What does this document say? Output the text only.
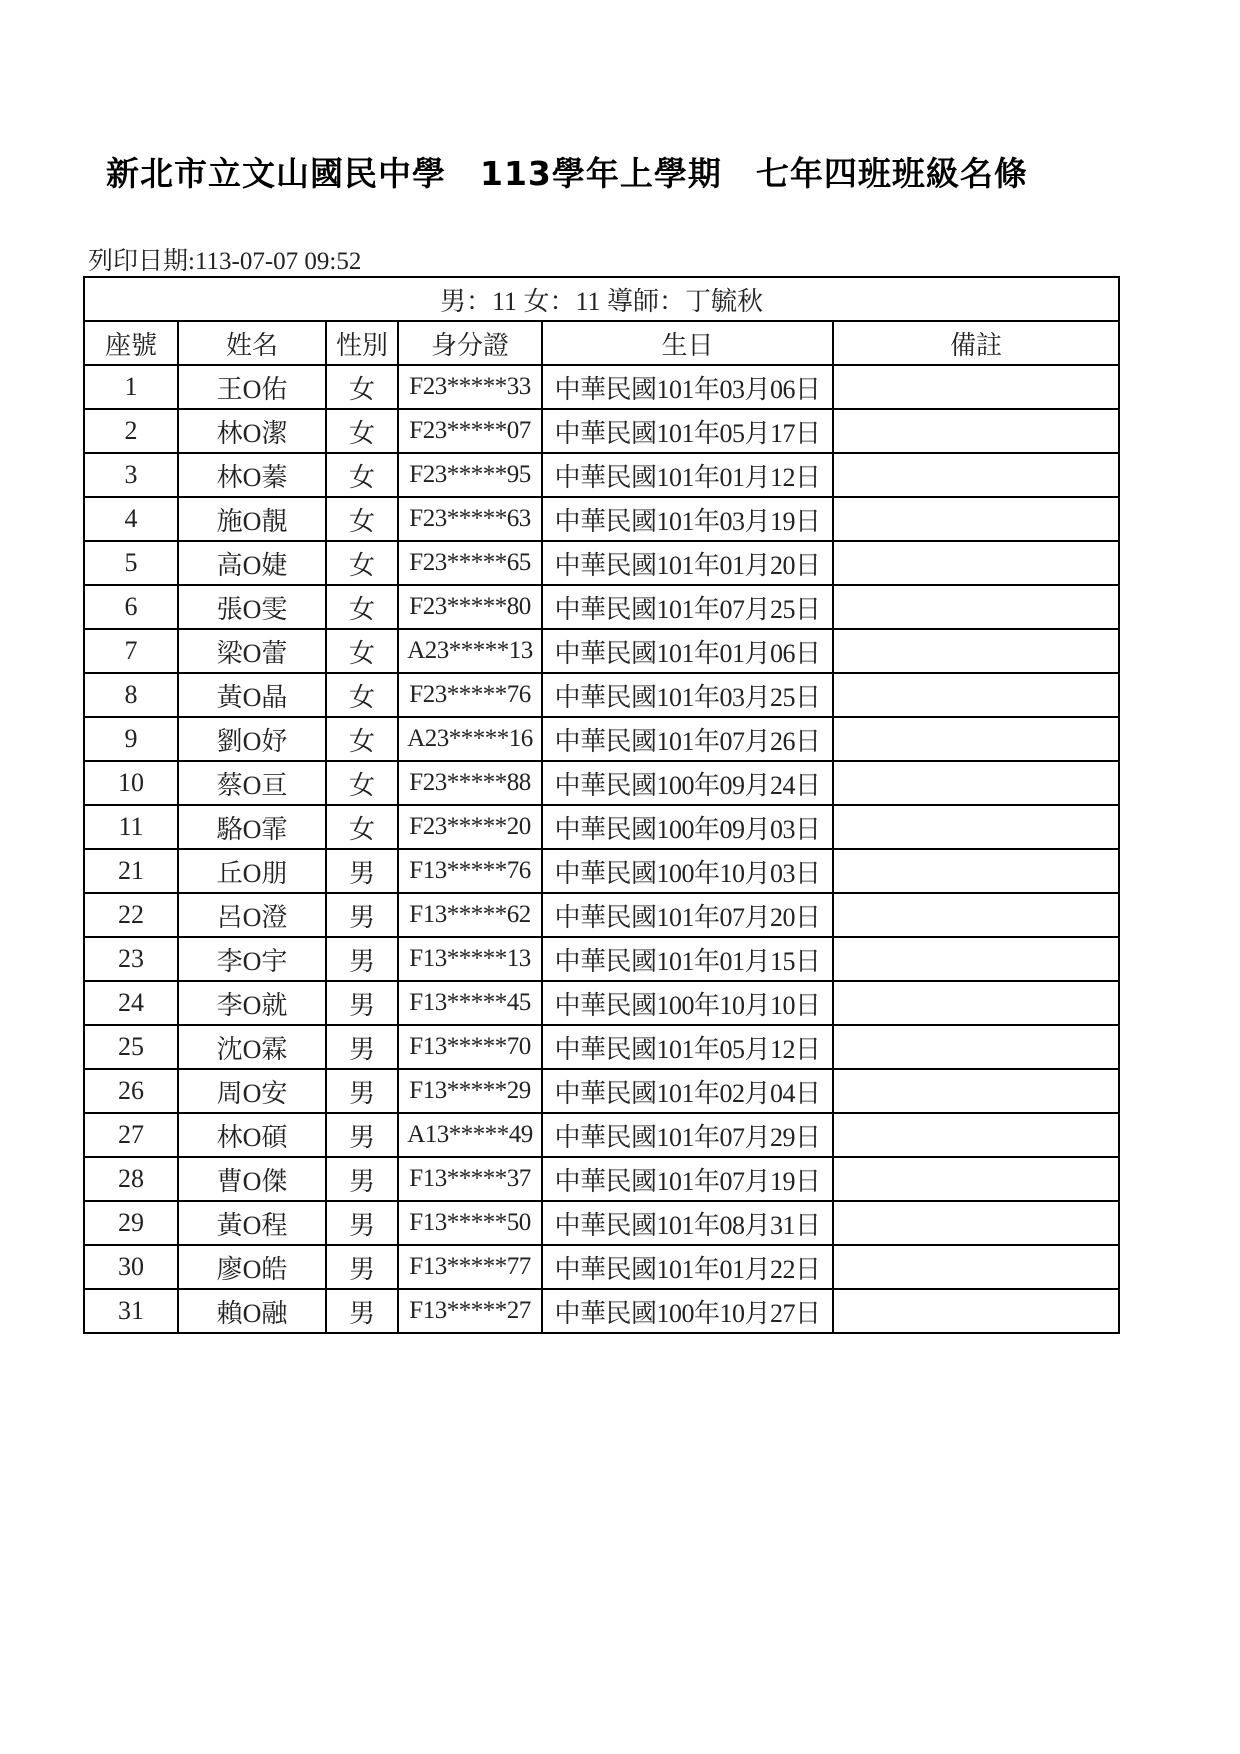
新北市立文山國民中學　113學年上學期　七年四班班級名條
列印日期:113-07-07 09:52
男：11 女：11 導師：丁毓秋					
座號	姓名	性別	身分證	生日	備註
1	王O佑	女	F23*****33	中華民國101年03月06日	
2	林O潔	女	F23*****07	中華民國101年05月17日	
3	林O蓁	女	F23*****95	中華民國101年01月12日	
4	施O靚	女	F23*****63	中華民國101年03月19日	
5	高O婕	女	F23*****65	中華民國101年01月20日	
6	張O雯	女	F23*****80	中華民國101年07月25日	
7	梁O蕾	女	A23*****13	中華民國101年01月06日	
8	黃O晶	女	F23*****76	中華民國101年03月25日	
9	劉O妤	女	A23*****16	中華民國101年07月26日	
10	蔡O亘	女	F23*****88	中華民國100年09月24日	
11	駱O霏	女	F23*****20	中華民國100年09月03日	
21	丘O朋	男	F13*****76	中華民國100年10月03日	
22	呂O澄	男	F13*****62	中華民國101年07月20日	
23	李O宇	男	F13*****13	中華民國101年01月15日	
24	李O就	男	F13*****45	中華民國100年10月10日	
25	沈O霖	男	F13*****70	中華民國101年05月12日	
26	周O安	男	F13*****29	中華民國101年02月04日	
27	林O碩	男	A13*****49	中華民國101年07月29日	
28	曹O傑	男	F13*****37	中華民國101年07月19日	
29	黃O程	男	F13*****50	中華民國101年08月31日	
30	廖O皓	男	F13*****77	中華民國101年01月22日	
31	賴O融	男	F13*****27	中華民國100年10月27日	
